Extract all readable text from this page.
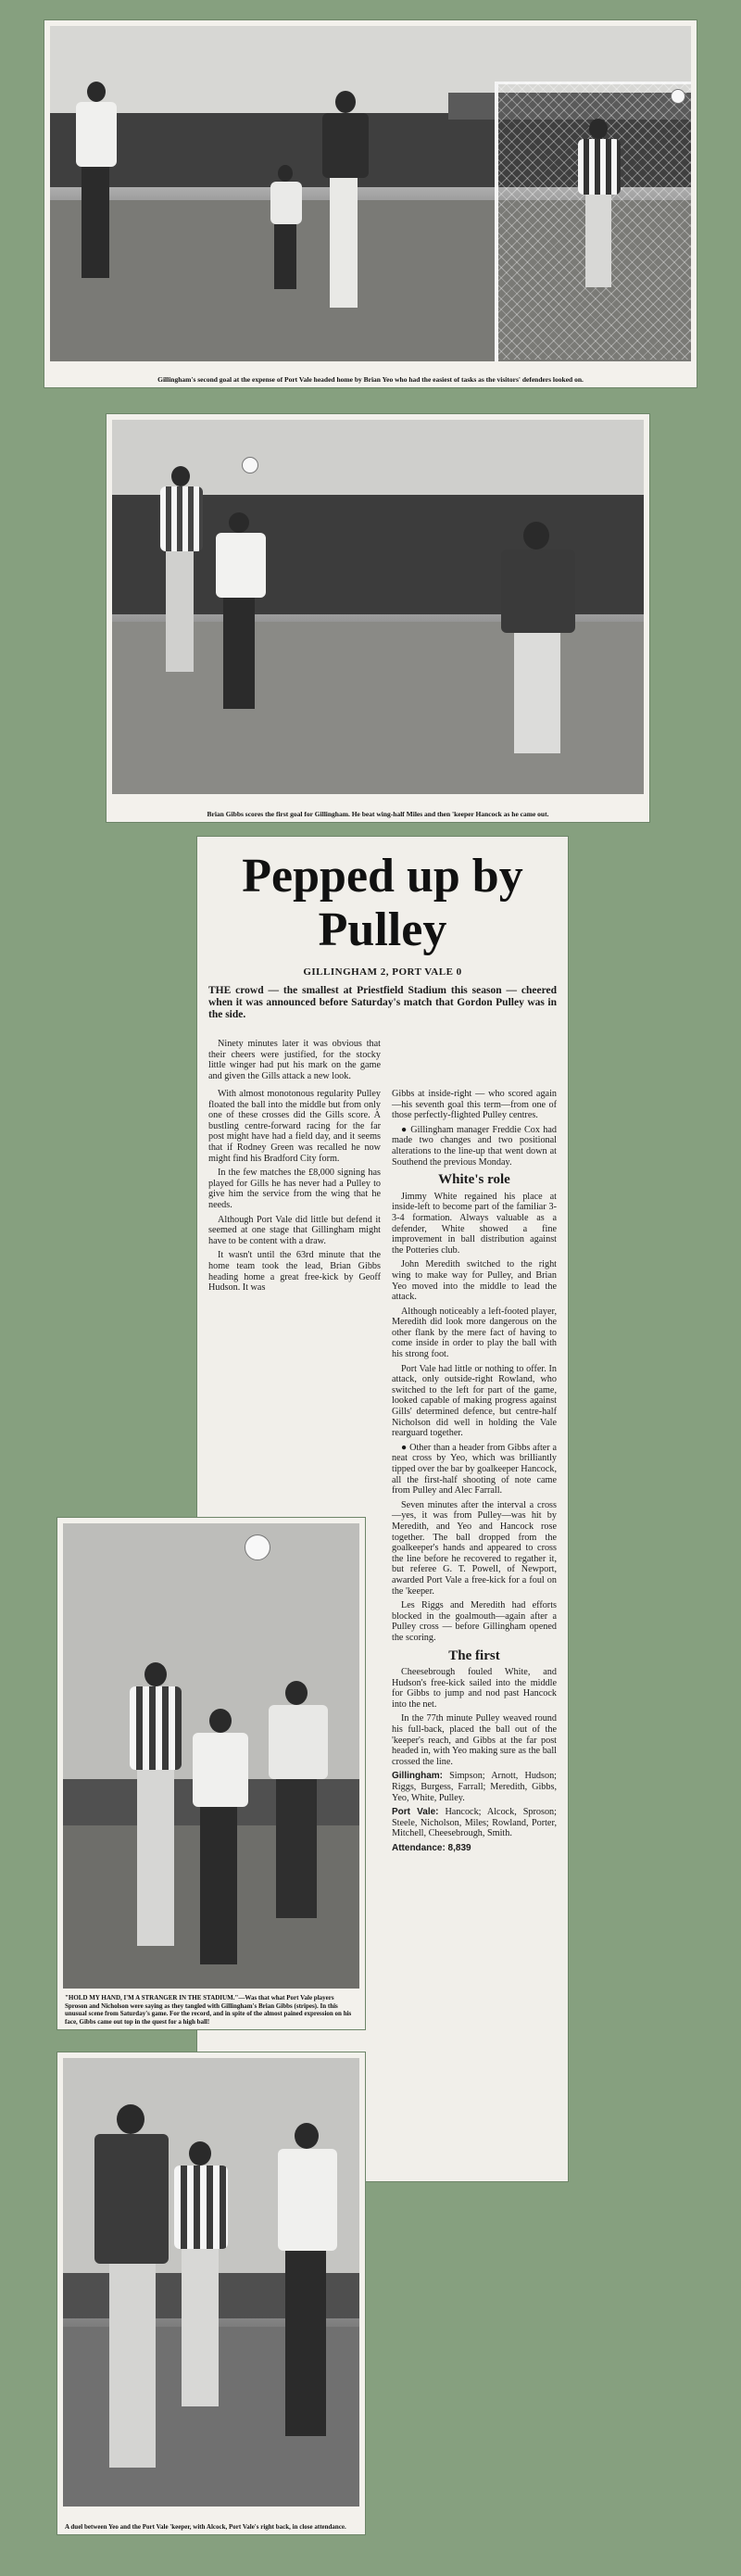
Gillingham's second goal at the expense of Port Vale headed home by Brian Yeo who had the easiest of tasks as the visitors' defenders looked on.
Brian Gibbs scores the first goal for Gillingham. He beat wing-half Miles and then 'keeper Hancock as he came out.
Pepped up by
Pulley
GILLINGHAM 2, PORT VALE 0
THE crowd — the smallest at Priestfield Stadium this season — cheered when it was announced before Saturday's match that Gordon Pulley was in the side.

Ninety minutes later it was obvious that their cheers were justified, for the stocky little winger had put his mark on the game and given the Gills attack a new look.

With almost monotonous regularity Pulley floated the ball into the middle but from only one of these crosses did the Gills score. A bustling centre-forward racing for the far post might have had a field day, and it seems that if Rodney Green was recalled he now might find his Bradford City form.

In the few matches the £8,000 signing has played for Gills he has never had a Pulley to give him the service from the wing that he needs.

Although Port Vale did little but defend it seemed at one stage that Gillingham might have to be content with a draw.

It wasn't until the 63rd minute that the home team took the lead, Brian Gibbs heading home a great free-kick by Geoff Hudson. It was

Gibbs at inside-right — who scored again—his seventh goal this term—from one of those perfectly-flighted Pulley centres.

● Gillingham manager Freddie Cox had made two changes and two positional alterations to the line-up that went down at Southend the previous Monday.

White's role

Jimmy White regained his place at inside-left to become part of the familiar 3-3-4 formation. Always valuable as a defender, White showed a fine improvement in ball distribution against the Potteries club.

John Meredith switched to the right wing to make way for Pulley, and Brian Yeo moved into the middle to lead the attack.

Although noticeably a left-footed player, Meredith did look more dangerous on the other flank by the mere fact of having to come inside in order to play the ball with his strong foot.

Port Vale had little or nothing to offer. In attack, only outside-right Rowland, who switched to the left for part of the game, looked capable of making progress against Gills' determined defence, but centre-half Nicholson did well in holding the Vale rearguard together.

● Other than a header from Gibbs after a neat cross by Yeo, which was brilliantly tipped over the bar by goalkeeper Hancock, all the first-half shooting of note came from Pulley and Alec Farrall.

Seven minutes after the interval a cross—yes, it was from Pulley—was hit by Meredith, and Yeo and Hancock rose together. The ball dropped from the goalkeeper's hands and appeared to cross the line before he recovered to regather it, but referee G. T. Powell, of Newport, awarded Port Vale a free-kick for a foul on the 'keeper.

Les Riggs and Meredith had efforts blocked in the goalmouth—again after a Pulley cross — before Gillingham opened the scoring.

The first

Cheesebrough fouled White, and Hudson's free-kick sailed into the middle for Gibbs to jump and nod past Hancock into the net.

In the 77th minute Pulley weaved round his full-back, placed the ball out of the 'keeper's reach, and Gibbs at the far post headed in, with Yeo making sure as the ball crossed the line.

Gillingham: Simpson; Arnott, Hudson; Riggs, Burgess, Farrall; Meredith, Gibbs, Yeo, White, Pulley.

Port Vale: Hancock; Alcock, Sproson; Steele, Nicholson, Miles; Rowland, Porter, Mitchell, Cheesebrough, Smith.

Attendance: 8,839

"HOLD MY HAND, I'M A STRANGER IN THE STADIUM."—Was that what Port Vale players Sproson and Nicholson were saying as they tangled with Gillingham's Brian Gibbs (stripes). In this unusual scene from Saturday's game. For the record, and in spite of the almost pained expression on his face, Gibbs came out top in the quest for a high ball!
A duel between Yeo and the Port Vale 'keeper, with Alcock, Port Vale's right back, in close attendance.
